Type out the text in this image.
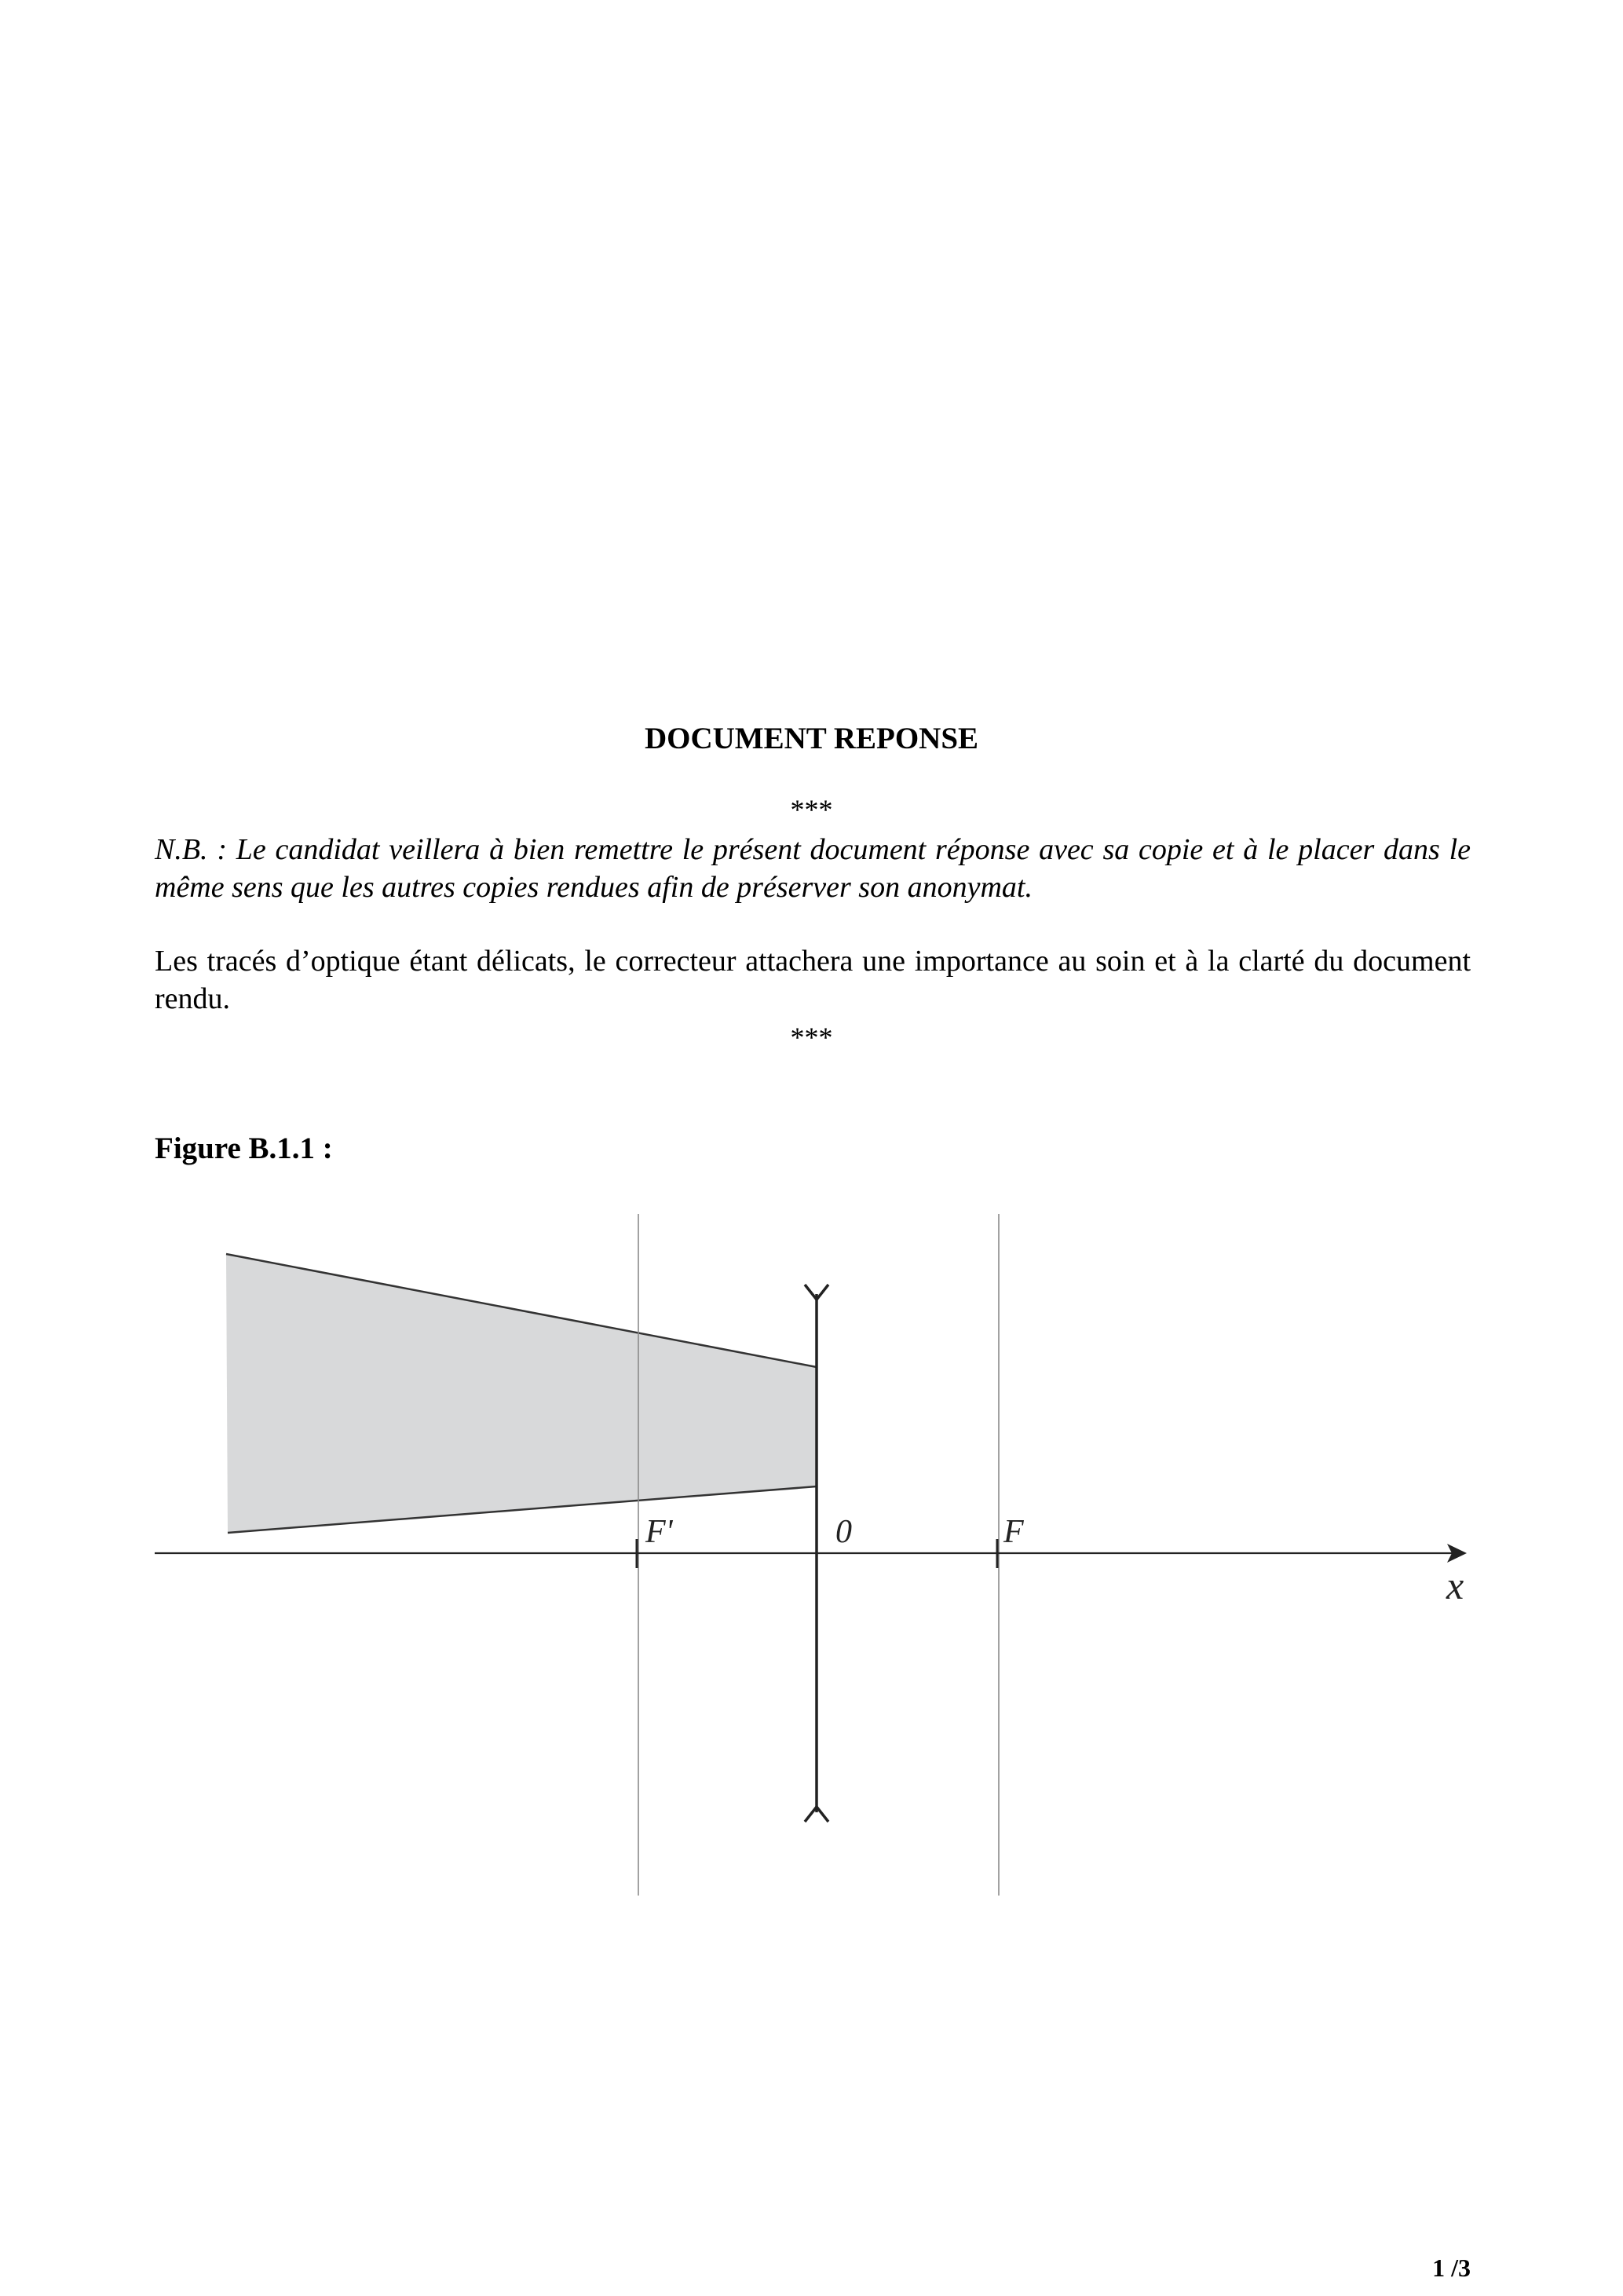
DOCUMENT REPONSE
***
N.B. : Le candidat veillera à bien remettre le présent document réponse avec sa copie et à le placer dans le même sens que les autres copies rendues afin de préserver son anonymat.
Les tracés d’optique étant délicats, le correcteur attachera une importance au soin et à la clarté du document rendu.
***
Figure B.1.1 :
F'	0	F
x
1 /3
